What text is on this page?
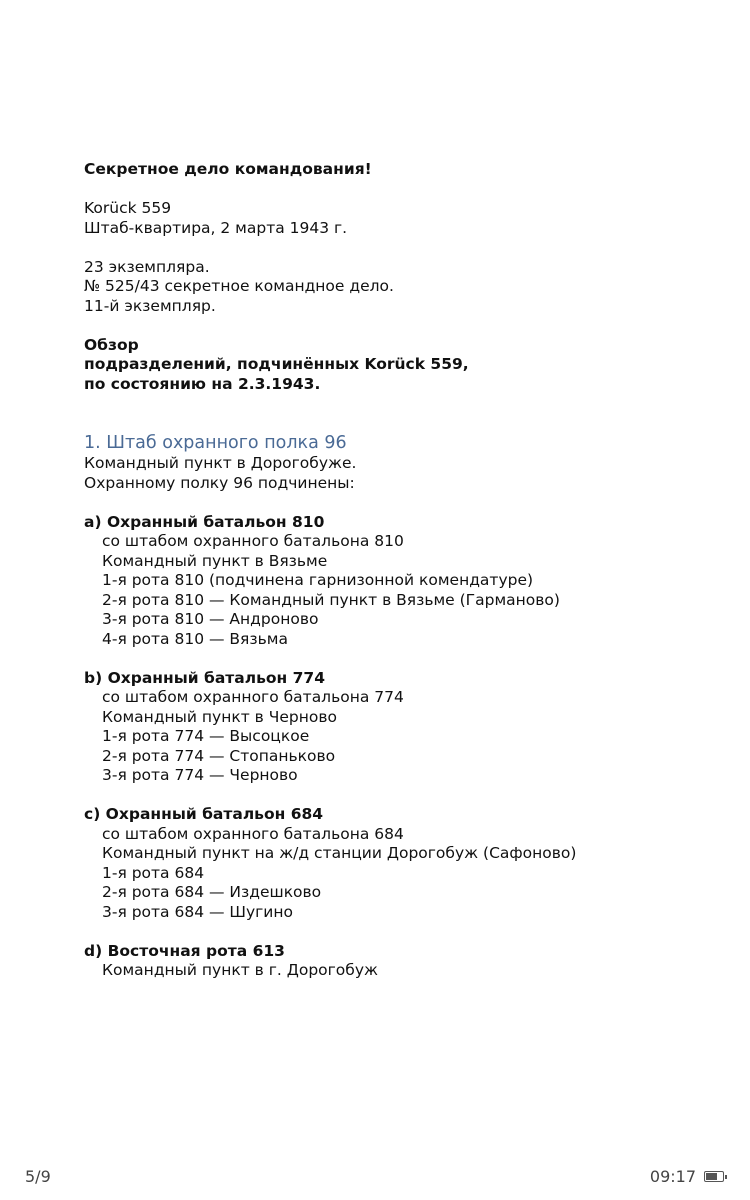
Секретное дело командования!

Korück 559

Штаб-квартира, 2 марта 1943 г.

23 экземпляра.

№ 525/43 секретное командное дело.

11-й экземпляр.

Обзор

подразделений, подчинённых Korück 559,

по состоянию на 2.3.1943.

1. Штаб охранного полка 96

Командный пункт в Дорогобуже.

Охранному полку 96 подчинены:

a) Охранный батальон 810

со штабом охранного батальона 810

Командный пункт в Вязьме

1-я рота 810 (подчинена гарнизонной комендатуре)

2-я рота 810 — Командный пункт в Вязьме (Гарманово)

3-я рота 810 — Андроново

4-я рота 810 — Вязьма

b) Охранный батальон 774

со штабом охранного батальона 774

Командный пункт в Черново

1-я рота 774 — Высоцкое

2-я рота 774 — Стопаньково

3-я рота 774 — Черново

c) Охранный батальон 684

со штабом охранного батальона 684

Командный пункт на ж/д станции Дорогобуж (Сафоново)

1-я рота 684

2-я рота 684 — Издешково

3-я рота 684 — Шугино

d) Восточная рота 613

Командный пункт в г. Дорогобуж

5/9	09:17
